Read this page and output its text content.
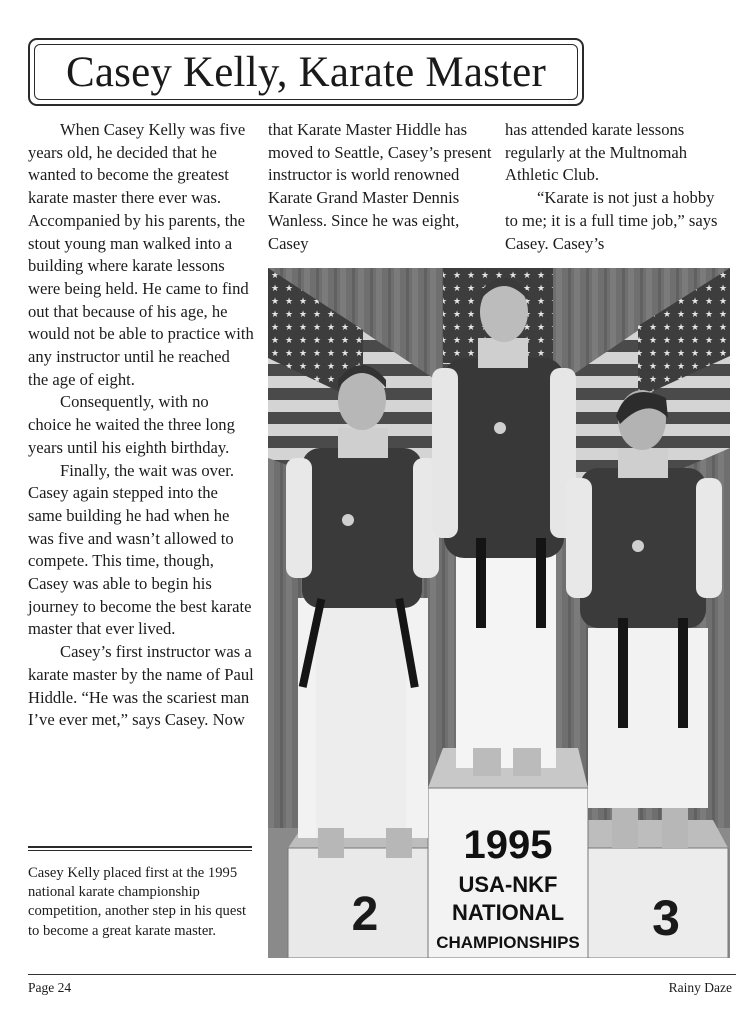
Casey Kelly, Karate Master

When Casey Kelly was five years old, he decided that he wanted to become the greatest karate master there ever was. Accompanied by his parents, the stout young man walked into a building where karate lessons were being held. He came to find out that because of his age, he would not be able to practice with any instructor until he reached the age of eight.

Consequently, with no choice he waited the three long years until his eighth birthday.

Finally, the wait was over. Casey again stepped into the same building he had when he was five and wasn’t allowed to compete. This time, though, Casey was able to begin his journey to become the best karate master that ever lived.

Casey’s first instructor was a karate master by the name of Paul Hiddle. “He was the scariest man I’ve ever met,” says Casey. Now

that Karate Master Hiddle has moved to Seattle, Casey’s present instructor is world renowned Karate Grand Master Dennis Wanless. Since he was eight, Casey

has attended karate lessons regularly at the Multnomah Athletic Club.

“Karate is not just a hobby to me; it is a full time job,” says Casey. Casey’s

Casey Kelly placed first at the 1995 national karate championship competition, another step in his quest to become a great karate master.	2	3
1995
USA-NKF
NATIONAL
CHAMPIONSHIPS
Page 24	Rainy Daze
